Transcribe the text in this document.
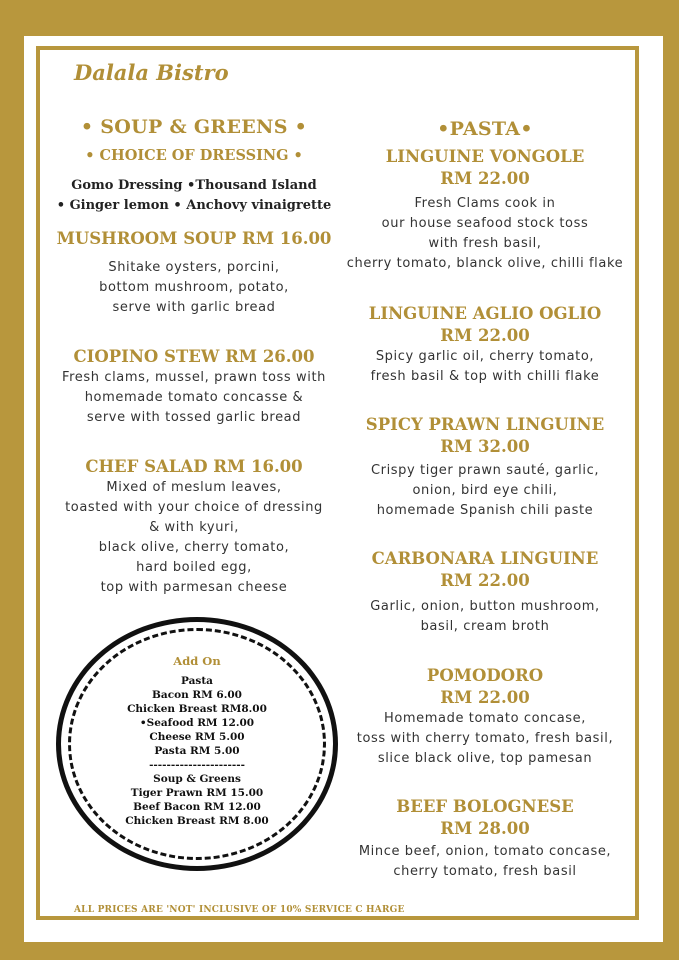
Dalala Bistro

• SOUP & GREENS •

• CHOICE OF DRESSING •

Gomo Dressing •Thousand Island

• Ginger lemon • Anchovy vinaigrette

MUSHROOM SOUP RM 16.00

Shitake oysters, porcini,

bottom mushroom, potato,

serve with garlic bread

CIOPINO STEW RM 26.00

Fresh clams, mussel, prawn toss with

homemade tomato concasse &

serve with tossed garlic bread

CHEF SALAD RM 16.00

Mixed of meslum leaves,

toasted with your choice of dressing

& with kyuri,

black olive, cherry tomato,

hard boiled egg,

top with parmesan cheese

Add On
Pasta
Bacon RM 6.00
Chicken Breast RM8.00
•Seafood RM 12.00
Cheese RM 5.00
Pasta RM 5.00
----------------------
Soup & Greens
Tiger Prawn RM 15.00
Beef Bacon RM 12.00
Chicken Breast RM 8.00

•PASTA•

LINGUINE VONGOLE

RM 22.00

Fresh Clams cook in

our house seafood stock toss

with fresh basil,

cherry tomato, blanck olive, chilli flake

LINGUINE AGLIO OGLIO

RM 22.00

Spicy garlic oil, cherry tomato,

fresh basil & top with chilli flake

SPICY PRAWN LINGUINE

RM 32.00

Crispy tiger prawn sauté, garlic,

onion, bird eye chili,

homemade Spanish chili paste

CARBONARA LINGUINE

RM 22.00

Garlic, onion, button mushroom,

basil, cream broth

POMODORO

RM 22.00

Homemade tomato concase,

toss with cherry tomato, fresh basil,

slice black olive, top pamesan

BEEF BOLOGNESE

RM 28.00

Mince beef, onion, tomato concase,

cherry tomato, fresh basil

ALL PRICES ARE 'NOT' INCLUSIVE OF 10% SERVICE C HARGE
